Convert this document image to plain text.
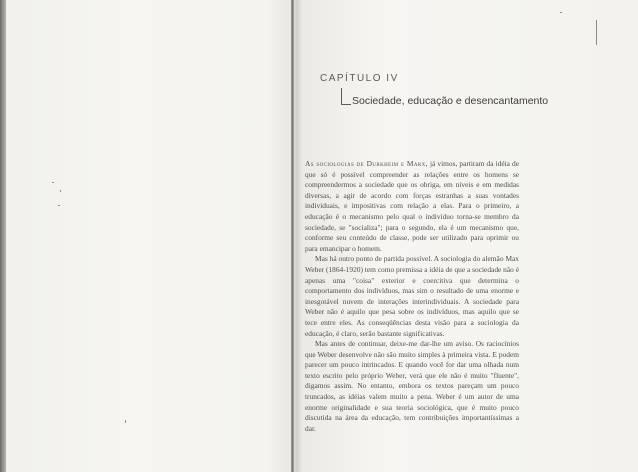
CAPÍTULO IV
Sociedade, educação e desencantamento

As sociologias de Durkheim e Marx, já vimos, partiram da idéia de que só é possível compreender as relações entre os homens se compreendermos a sociedade que os obriga, em níveis e em medidas diversas, a agir de acordo com forças estranhas a suas vontades individuais, e impositivas com relação a elas. Para o primeiro, a educação é o mecanismo pelo qual o indivíduo torna-se membro da sociedade, se "socializa"; para o segundo, ela é um mecanismo que, conforme seu conteúdo de classe, pode ser utilizado para oprimir ou para emancipar o homem.

Mas há outro ponto de partida possível. A sociologia do alemão Max Weber (1864-1920) tem como premissa a idéia de que a sociedade não é apenas uma "coisa" exterior e coercitiva que determina o comportamento dos indivíduos, mas sim o resultado de uma enorme e inesgotável nuvem de interações interindividuais. A sociedade para Weber não é aquilo que pesa sobre os indivíduos, mas aquilo que se tece entre eles. As conseqüências desta visão para a sociologia da educação, é claro, serão bastante significativas.

Mas antes de continuar, deixe-me dar-lhe um aviso. Os raciocínios que Weber desenvolve não são muito simples à primeira vista. E podem parecer um pouco intrincados. E quando você for dar uma olhada num texto escrito pelo próprio Weber, verá que ele não é muito "fluente", digamos assim. No entanto, embora os textos pareçam um pouco truncados, as idéias valem muito a pena. Weber é um autor de uma enorme originalidade e sua teoria sociológica, que é muito pouco discutida na área da educação, tem contribuições importantíssimas a dar.
